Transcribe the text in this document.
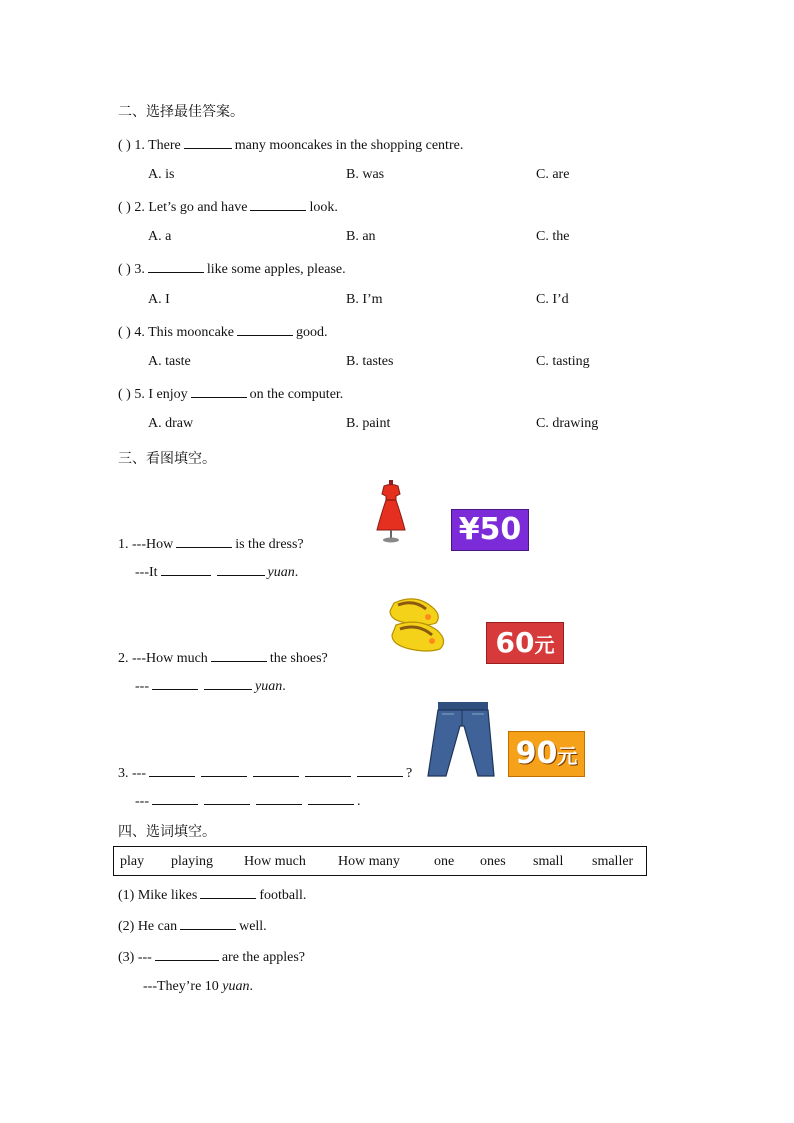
二、选择最佳答案。
( ) 1. There	many mooncakes in the shopping centre.
A. is	B. was	C. are
( ) 2. Let’s go and have	look.
A. a	B. an	C. the
( ) 3.	like some apples, please.
A. I	B. I’m	C. I’d
( ) 4. This mooncake	good.
A. taste	B. tastes	C. tasting
( ) 5. I enjoy	on the computer.
A. draw	B. paint	C. drawing
三、看图填空。
¥50
1. ---How	is the dress?
---It	yuan.
60元
2. ---How much	the shoes?
---	yuan.
90元
3. ---	?
---	.
四、选词填空。
play playing How much How many one ones small smaller
(1) Mike likes	football.
(2) He can	well.
(3) ---	are the apples?
---They’re 10 yuan.
